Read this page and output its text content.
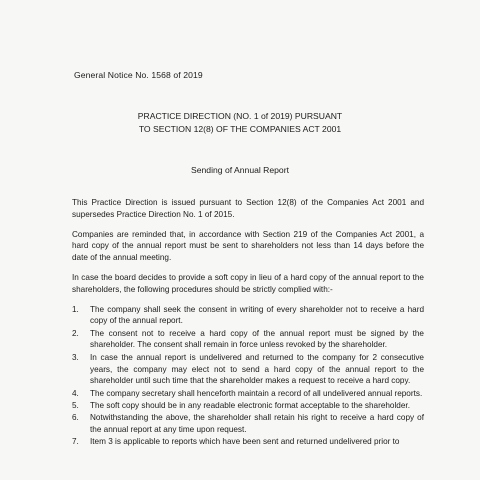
General Notice No. 1568 of 2019
PRACTICE DIRECTION (NO. 1 of 2019) PURSUANT
TO SECTION 12(8) OF THE COMPANIES ACT 2001
Sending of Annual Report

This Practice Direction is issued pursuant to Section 12(8) of the Companies Act 2001 and supersedes Practice Direction No. 1 of 2015.

Companies are reminded that, in accordance with Section 219 of the Companies Act 2001, a hard copy of the annual report must be sent to shareholders not less than 14 days before the date of the annual meeting.

In case the board decides to provide a soft copy in lieu of a hard copy of the annual report to the shareholders, the following procedures should be strictly complied with:-

1.	The company shall seek the consent in writing of every shareholder not to receive a hard copy of the annual report.
2.	The consent not to receive a hard copy of the annual report must be signed by the shareholder. The consent shall remain in force unless revoked by the shareholder.
3.	In case the annual report is undelivered and returned to the company for 2 consecutive years, the company may elect not to send a hard copy of the annual report to the shareholder until such time that the shareholder makes a request to receive a hard copy.
4.	The company secretary shall henceforth maintain a record of all undelivered annual reports.
5.	The soft copy should be in any readable electronic format acceptable to the shareholder.
6.	Notwithstanding the above, the shareholder shall retain his right to receive a hard copy of the annual report at any time upon request.
7.	Item 3 is applicable to reports which have been sent and returned undelivered prior to
